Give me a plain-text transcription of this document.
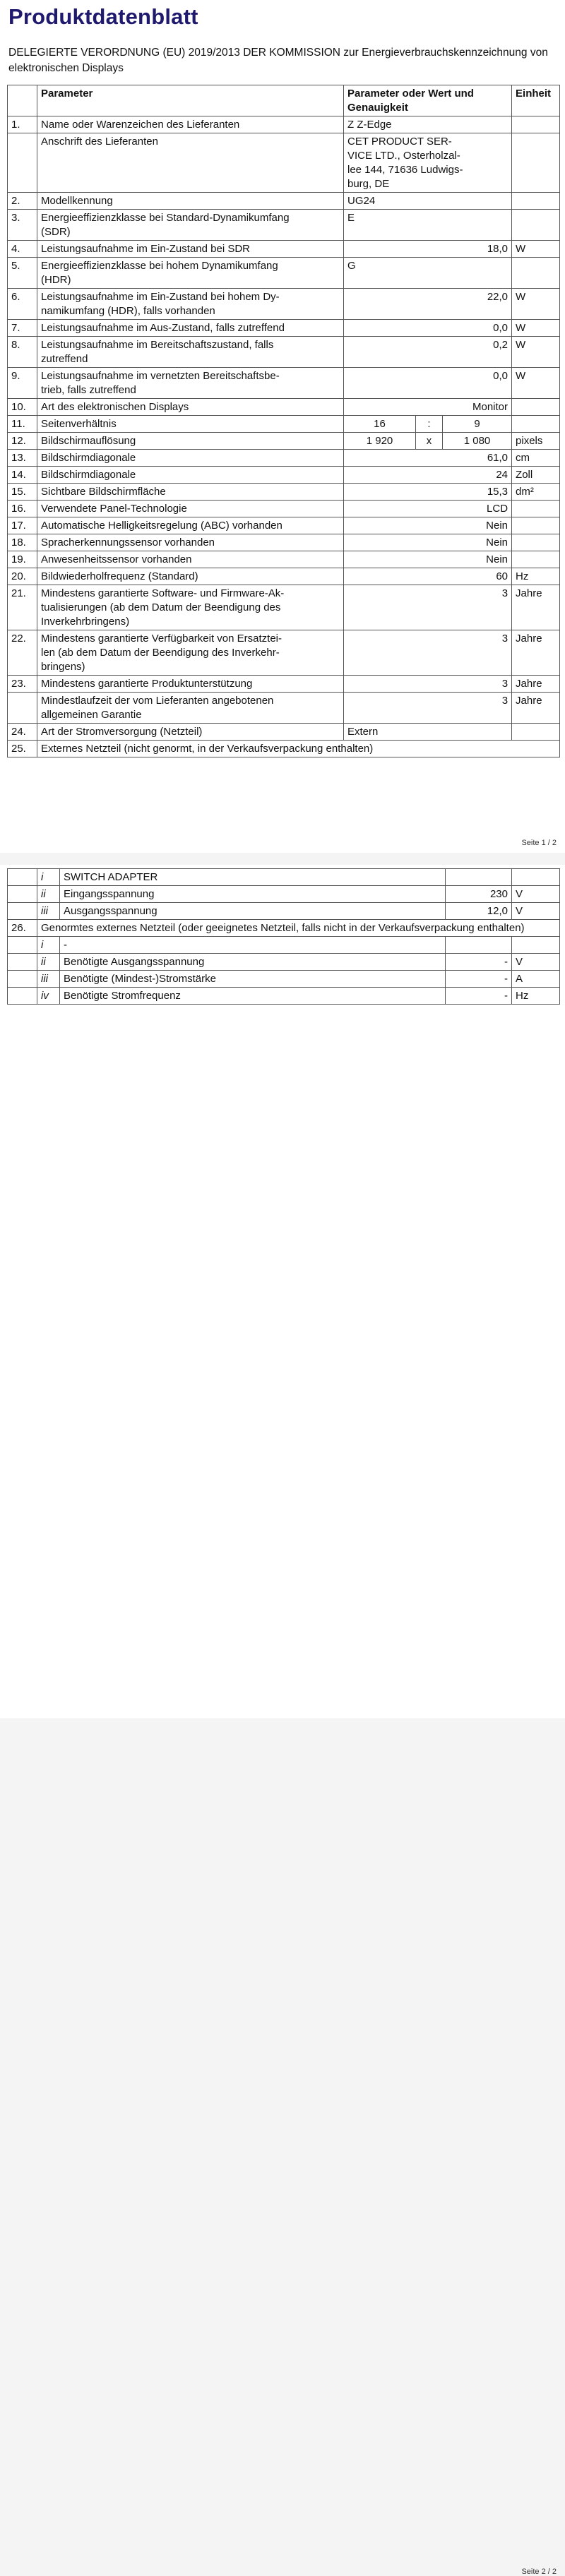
Produktdatenblatt
DELEGIERTE VERORDNUNG (EU) 2019/2013 DER KOMMISSION zur Energieverbrauchskennzeichnung von elektronischen Displays
	Parameter	Parameter oder Wert und Genauigkeit			Einheit
1.	Name oder Warenzeichen des Lieferanten	Z Z-Edge			
	Anschrift des Lieferanten	CET PRODUCT SER-
VICE LTD., Osterholzal-
lee 144, 71636 Ludwigs-
burg, DE			
2.	Modellkennung	UG24			
3.	Energieeffizienzklasse bei Standard-Dynamikumfang
(SDR)	E			
4.	Leistungsaufnahme im Ein-Zustand bei SDR	18,0			W
5.	Energieeffizienzklasse bei hohem Dynamikumfang
(HDR)	G			
6.	Leistungsaufnahme im Ein-Zustand bei hohem Dy-
namikumfang (HDR), falls vorhanden	22,0			W
7.	Leistungsaufnahme im Aus-Zustand, falls zutreffend	0,0			W
8.	Leistungsaufnahme im Bereitschaftszustand, falls
zutreffend	0,2			W
9.	Leistungsaufnahme im vernetzten Bereitschaftsbe-
trieb, falls zutreffend	0,0			W
10.	Art des elektronischen Displays	Monitor			
11.	Seitenverhältnis	16	:	9	
12.	Bildschirmauflösung	1 920	x	1 080	pixels
13.	Bildschirmdiagonale	61,0			cm
14.	Bildschirmdiagonale	24			Zoll
15.	Sichtbare Bildschirmfläche	15,3			dm²
16.	Verwendete Panel-Technologie	LCD			
17.	Automatische Helligkeitsregelung (ABC) vorhanden	Nein			
18.	Spracherkennungssensor vorhanden	Nein			
19.	Anwesenheitssensor vorhanden	Nein			
20.	Bildwiederholfrequenz (Standard)	60			Hz
21.	Mindestens garantierte Software- und Firmware-Ak-
tualisierungen (ab dem Datum der Beendigung des
Inverkehrbringens)	3			Jahre
22.	Mindestens garantierte Verfügbarkeit von Ersatztei-
len (ab dem Datum der Beendigung des Inverkehr-
bringens)	3			Jahre
23.	Mindestens garantierte Produktunterstützung	3			Jahre
	Mindestlaufzeit der vom Lieferanten angebotenen
allgemeinen Garantie	3			Jahre
24.	Art der Stromversorgung (Netzteil)	Extern			
25.	Externes Netzteil (nicht genormt, in der Verkaufsverpackung enthalten)				
Seite 1 / 2
Seite 2 / 2
	i	SWITCH ADAPTER		
	ii	Eingangsspannung	230	V
	iii	Ausgangsspannung	12,0	V
26.	Genormtes externes Netzteil (oder geeignetes Netzteil, falls nicht in der Verkaufsverpackung enthalten)			
	i	-		
	ii	Benötigte Ausgangsspannung	-	V
	iii	Benötigte (Mindest-)Stromstärke	-	A
	iv	Benötigte Stromfrequenz	-	Hz
